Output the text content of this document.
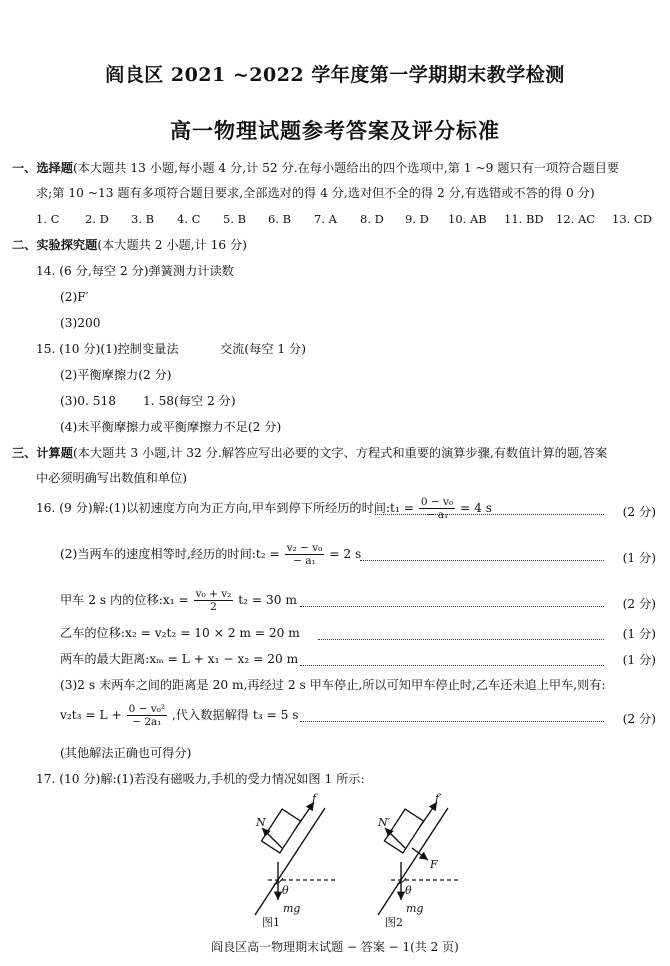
阎良区 2021 ~2022 学年度第一学期期末教学检测
高一物理试题参考答案及评分标准
一、选择题(本大题共 13 小题,每小题 4 分,计 52 分.在每小题给出的四个选项中,第 1 ~9 题只有一项符合题目要
求;第 10 ~13 题有多项符合题目要求,全部选对的得 4 分,选对但不全的得 2 分,有选错或不答的得 0 分)
1. C 2. D 3. B 4. C 5. B 6. B 7. A 8. D 9. D 10. AB 11. BD 12. AC 13. CD
二、实验探究题(本大题共 2 小题,计 16 分)
14. (6 分,每空 2 分)弹簧测力计读数
(2)F′
(3)200
15. (10 分)(1)控制变量法	交流(每空 1 分)
(2)平衡摩擦力(2 分)
(3)0. 518 1. 58(每空 2 分)
(4)未平衡摩擦力或平衡摩擦力不足(2 分)
三、计算题(本大题共 3 小题,计 32 分.解答应写出必要的文字、方程式和重要的演算步骤,有数值计算的题,答案
中必须明确写出数值和单位)
16. (9 分)解:(1)以初速度方向为正方向,甲车到停下所经历的时间:t₁ = $\frac{\text{0 − v₀}}{\text{− a₁}} = 4$ s	(2 分)
(2)当两车的速度相等时,经历的时间:t₂ = $\frac{\text{v₂ − v₀}}{\text{− a₁}} = 2$ s	(1 分)
甲车 2 s 内的位移:x₁ = $\frac{\text{v₀ + v₂}}{2} t_2 = 30$ m	(2 分)
乙车的位移:x₂ = v₂t₂ = 10 × 2 m = 20 m	(1 分)
两车的最大距离:xₘ = L + x₁ − x₂ = 20 m	(1 分)
(3)2 s 末两车之间的距离是 20 m,再经过 2 s 甲车停止,所以可知甲车停止时,乙车还未追上甲车,则有:
$v_2t_3 = L + \frac{\text{0 − v₀²}}{\text{− 2a₁}}$ ,代入数据解得 t₃ = 5 s	(2 分)
(其他解法正确也可得分)
17. (10 分)解:(1)若没有磁吸力,手机的受力情况如图 1 所示:
N
f
θ
mg
图1
N′
f′
θ
mg
F
图2
阎良区高一物理期末试题 − 答案 − 1(共 2 页)
